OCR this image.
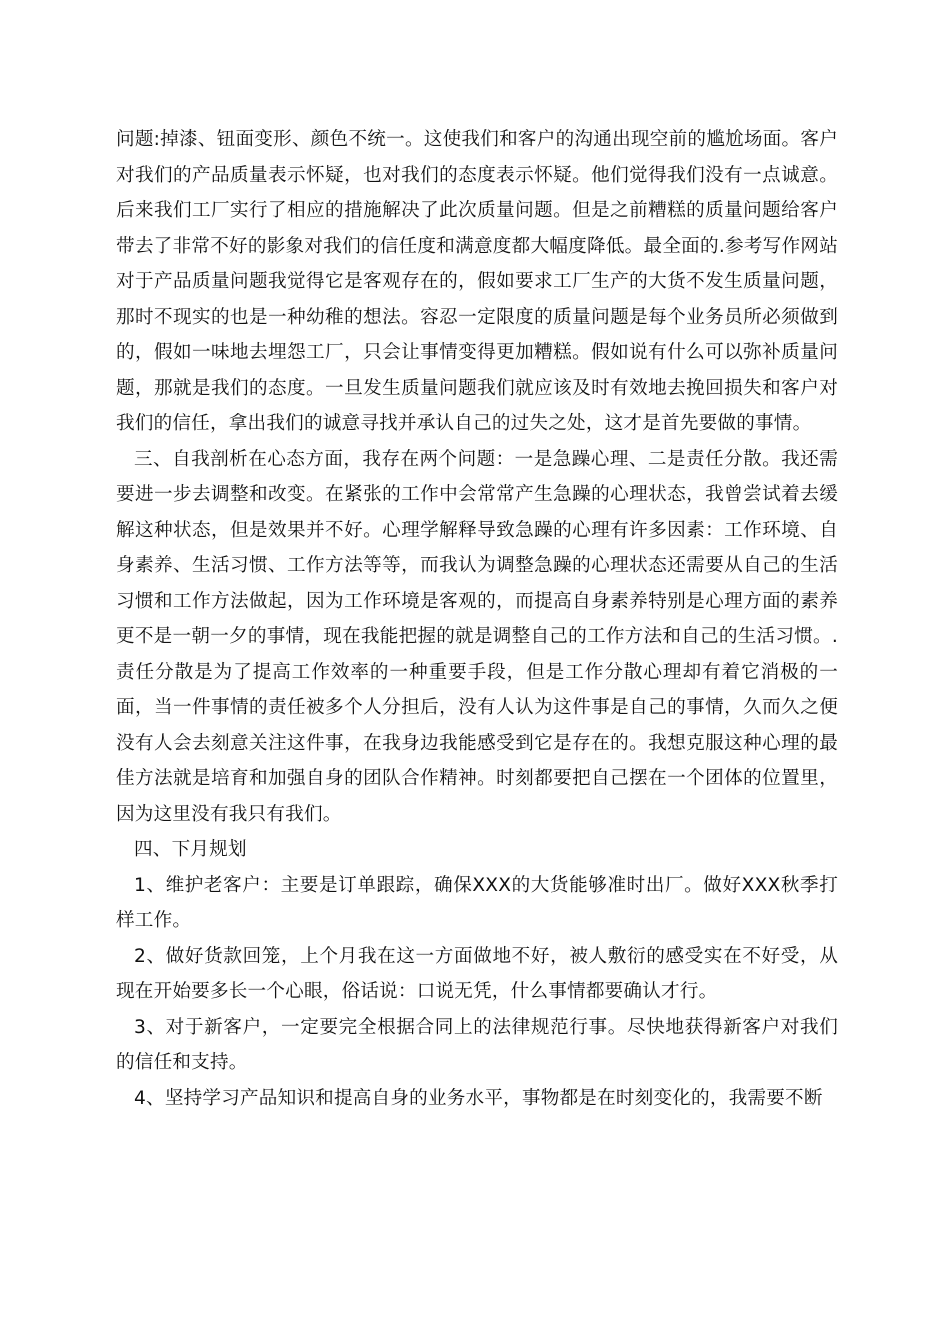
问题:掉漆、钮面变形、颜色不统一。这使我们和客户的沟通出现空前的尴尬场面。客户对我们的产品质量表示怀疑，也对我们的态度表示怀疑。他们觉得我们没有一点诚意。后来我们工厂实行了相应的措施解决了此次质量问题。但是之前糟糕的质量问题给客户带去了非常不好的影象对我们的信任度和满意度都大幅度降低。最全面的.参考写作网站对于产品质量问题我觉得它是客观存在的，假如要求工厂生产的大货不发生质量问题，那时不现实的也是一种幼稚的想法。容忍一定限度的质量问题是每个业务员所必须做到的，假如一味地去埋怨工厂，只会让事情变得更加糟糕。假如说有什么可以弥补质量问题，那就是我们的态度。一旦发生质量问题我们就应该及时有效地去挽回损失和客户对我们的信任，拿出我们的诚意寻找并承认自己的过失之处，这才是首先要做的事情。

三、自我剖析在心态方面，我存在两个问题：一是急躁心理、二是责任分散。我还需要进一步去调整和改变。在紧张的工作中会常常产生急躁的心理状态，我曾尝试着去缓解这种状态，但是效果并不好。心理学解释导致急躁的心理有许多因素：工作环境、自身素养、生活习惯、工作方法等等，而我认为调整急躁的心理状态还需要从自己的生活习惯和工作方法做起，因为工作环境是客观的，而提高自身素养特别是心理方面的素养更不是一朝一夕的事情，现在我能把握的就是调整自己的工作方法和自己的生活习惯。.责任分散是为了提高工作效率的一种重要手段，但是工作分散心理却有着它消极的一面，当一件事情的责任被多个人分担后，没有人认为这件事是自己的事情，久而久之便没有人会去刻意关注这件事，在我身边我能感受到它是存在的。我想克服这种心理的最佳方法就是培育和加强自身的团队合作精神。时刻都要把自己摆在一个团体的位置里，因为这里没有我只有我们。

四、下月规划

1、维护老客户：主要是订单跟踪，确保XXX的大货能够准时出厂。做好XXX秋季打样工作。

2、做好货款回笼，上个月我在这一方面做地不好，被人敷衍的感受实在不好受，从现在开始要多长一个心眼，俗话说：口说无凭，什么事情都要确认才行。

3、对于新客户，一定要完全根据合同上的法律规范行事。尽快地获得新客户对我们的信任和支持。

4、坚持学习产品知识和提高自身的业务水平，事物都是在时刻变化的，我需要不断
